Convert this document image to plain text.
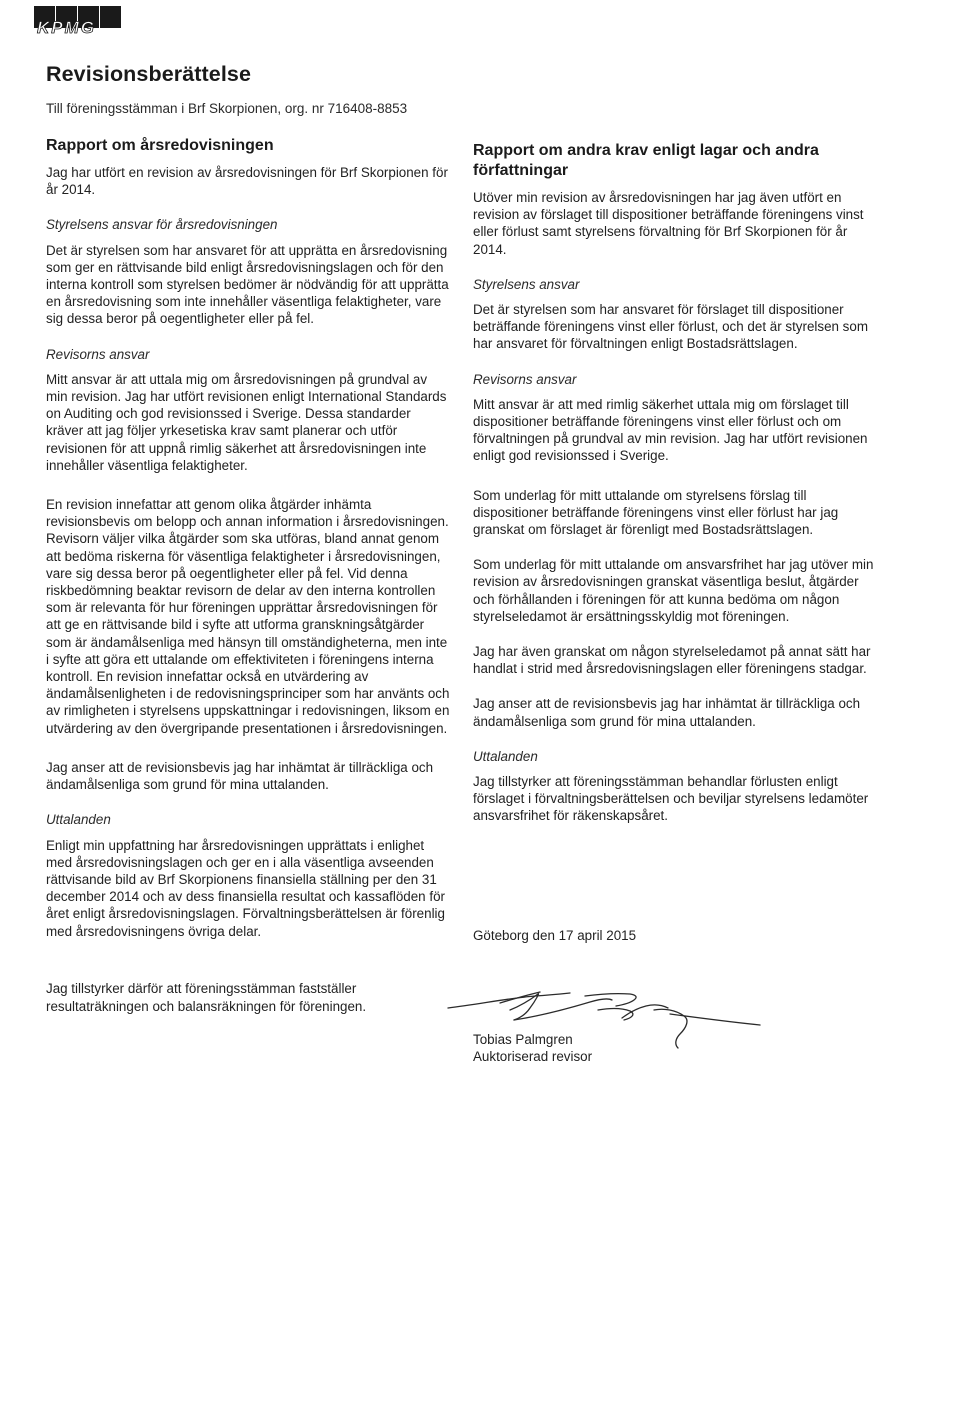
KPMG
Revisionsberättelse

Till föreningsstämman i Brf Skorpionen, org. nr 716408-8853

Rapport om årsredovisningen

Jag har utfört en revision av årsredovisningen för Brf Skorpionen för år 2014.

Styrelsens ansvar för årsredovisningen

Det är styrelsen som har ansvaret för att upprätta en årsredovisning som ger en rättvisande bild enligt årsredovisningslagen och för den interna kontroll som styrelsen bedömer är nödvändig för att upprätta en årsredovisning som inte innehåller väsentliga felaktigheter, vare sig dessa beror på oegentligheter eller på fel.

Revisorns ansvar

Mitt ansvar är att uttala mig om årsredovisningen på grundval av min revision. Jag har utfört revisionen enligt International Standards on Auditing och god revisionssed i Sverige. Dessa standarder kräver att jag följer yrkesetiska krav samt planerar och utför revisionen för att uppnå rimlig säkerhet att årsredovisningen inte innehåller väsentliga felaktigheter.

En revision innefattar att genom olika åtgärder inhämta revisionsbevis om belopp och annan information i årsredovisningen. Revisorn väljer vilka åtgärder som ska utföras, bland annat genom att bedöma riskerna för väsentliga felaktigheter i årsredovisningen, vare sig dessa beror på oegentligheter eller på fel. Vid denna riskbedömning beaktar revisorn de delar av den interna kontrollen som är relevanta för hur föreningen upprättar årsredovisningen för att ge en rättvisande bild i syfte att utforma granskningsåtgärder som är ändamålsenliga med hänsyn till omständigheterna, men inte i syfte att göra ett uttalande om effektiviteten i föreningens interna kontroll. En revision innefattar också en utvärdering av ändamålsenligheten i de redovisningsprinciper som har använts och av rimligheten i styrelsens uppskattningar i redovisningen, liksom en utvärdering av den övergripande presentationen i årsredovisningen.

Jag anser att de revisionsbevis jag har inhämtat är tillräckliga och ändamålsenliga som grund för mina uttalanden.

Uttalanden

Enligt min uppfattning har årsredovisningen upprättats i enlighet med årsredovisningslagen och ger en i alla väsentliga avseenden rättvisande bild av Brf Skorpionens finansiella ställning per den 31 december 2014 och av dess finansiella resultat och kassaflöden för året enligt årsredovisningslagen. Förvaltningsberättelsen är förenlig med årsredovisningens övriga delar.

Jag tillstyrker därför att föreningsstämman fastställer resultaträkningen och balansräkningen för föreningen.

Rapport om andra krav enligt lagar och andra författningar

Utöver min revision av årsredovisningen har jag även utfört en revision av förslaget till dispositioner beträffande föreningens vinst eller förlust samt styrelsens förvaltning för Brf Skorpionen för år 2014.

Styrelsens ansvar

Det är styrelsen som har ansvaret för förslaget till dispositioner beträffande föreningens vinst eller förlust, och det är styrelsen som har ansvaret för förvaltningen enligt Bostadsrättslagen.

Revisorns ansvar

Mitt ansvar är att med rimlig säkerhet uttala mig om förslaget till dispositioner beträffande föreningens vinst eller förlust och om förvaltningen på grundval av min revision. Jag har utfört revisionen enligt god revisionssed i Sverige.

Som underlag för mitt uttalande om styrelsens förslag till dispositioner beträffande föreningens vinst eller förlust har jag granskat om förslaget är förenligt med Bostadsrättslagen.

Som underlag för mitt uttalande om ansvarsfrihet har jag utöver min revision av årsredovisningen granskat väsentliga beslut, åtgärder och förhållanden i föreningen för att kunna bedöma om någon styrelseledamot är ersättningsskyldig mot föreningen.

Jag har även granskat om någon styrelseledamot på annat sätt har handlat i strid med årsredovisningslagen eller föreningens stadgar.

Jag anser att de revisionsbevis jag har inhämtat är tillräckliga och ändamålsenliga som grund för mina uttalanden.

Uttalanden

Jag tillstyrker att föreningsstämman behandlar förlusten enligt förslaget i förvaltningsberättelsen och beviljar styrelsens ledamöter ansvarsfrihet för räkenskapsåret.

Göteborg den 17 april 2015

Tobias Palmgren
Auktoriserad revisor
